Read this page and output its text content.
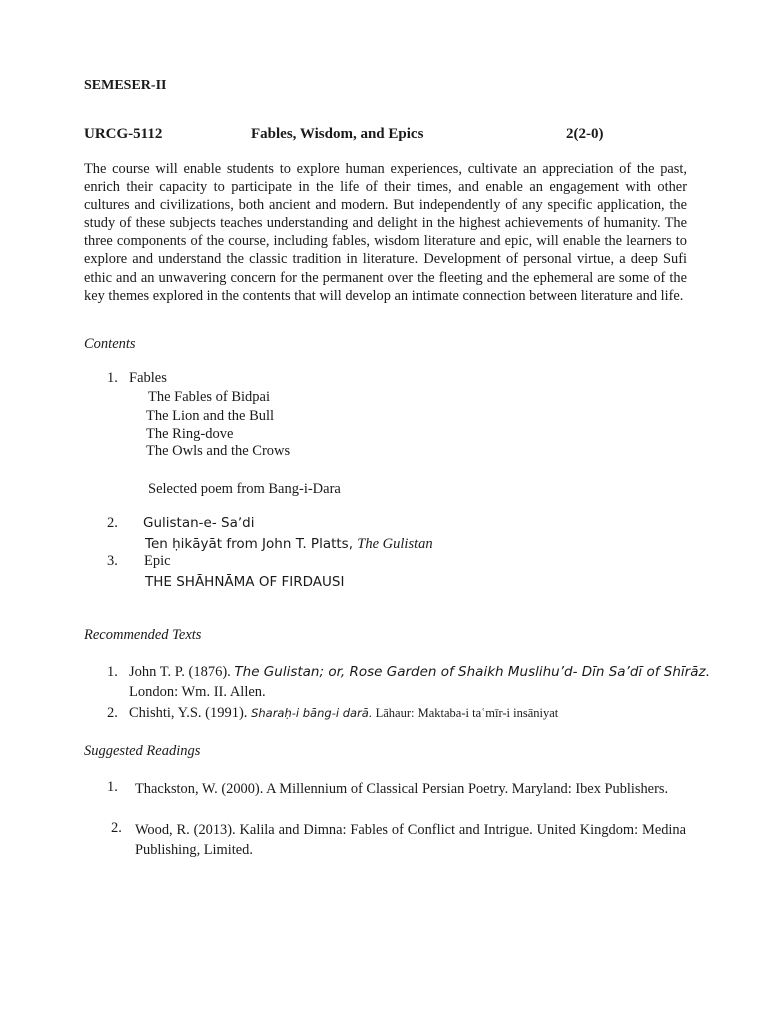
SEMESER-II
URCG-5112	Fables, Wisdom, and Epics	2(2-0)
The course will enable students to explore human experiences, cultivate an appreciation of the past, enrich their capacity to participate in the life of their times, and enable an engagement with other cultures and civilizations, both ancient and modern. But independently of any specific application, the study of these subjects teaches understanding and delight in the highest achievements of humanity. The three components of the course, including fables, wisdom literature and epic, will enable the learners to explore and understand the classic tradition in literature. Development of personal virtue, a deep Sufi ethic and an unwavering concern for the permanent over the fleeting and the ephemeral are some of the key themes explored in the contents that will develop an intimate connection between literature and life.
Contents
1. Fables
The Fables of Bidpai
The Lion and the Bull
The Ring-dove
The Owls and the Crows
Selected poem from Bang-i-Dara
2. Gulistan-e- Saʼdi
Ten ḥikāyāt from John T. Platts, The Gulistan
3. Epic
THE SHĀHNĀMA OF FIRDAUSI
Recommended Texts
1. John T. P. (1876). The Gulistan; or, Rose Garden of Shaikh Muslihu’d- Dīn Sa’dī of Shīrāz.
London: Wm. II. Allen.
2. Chishti, Y.S. (1991). Sharaḥ-i bāng-i darā. Lāhaur: Maktaba-i taʿmīr-i insāniyat
Suggested Readings
1. Thackston, W. (2000). A Millennium of Classical Persian Poetry. Maryland: Ibex Publishers.
2. Wood, R. (2013). Kalila and Dimna: Fables of Conflict and Intrigue. United Kingdom: Medina Publishing, Limited.
